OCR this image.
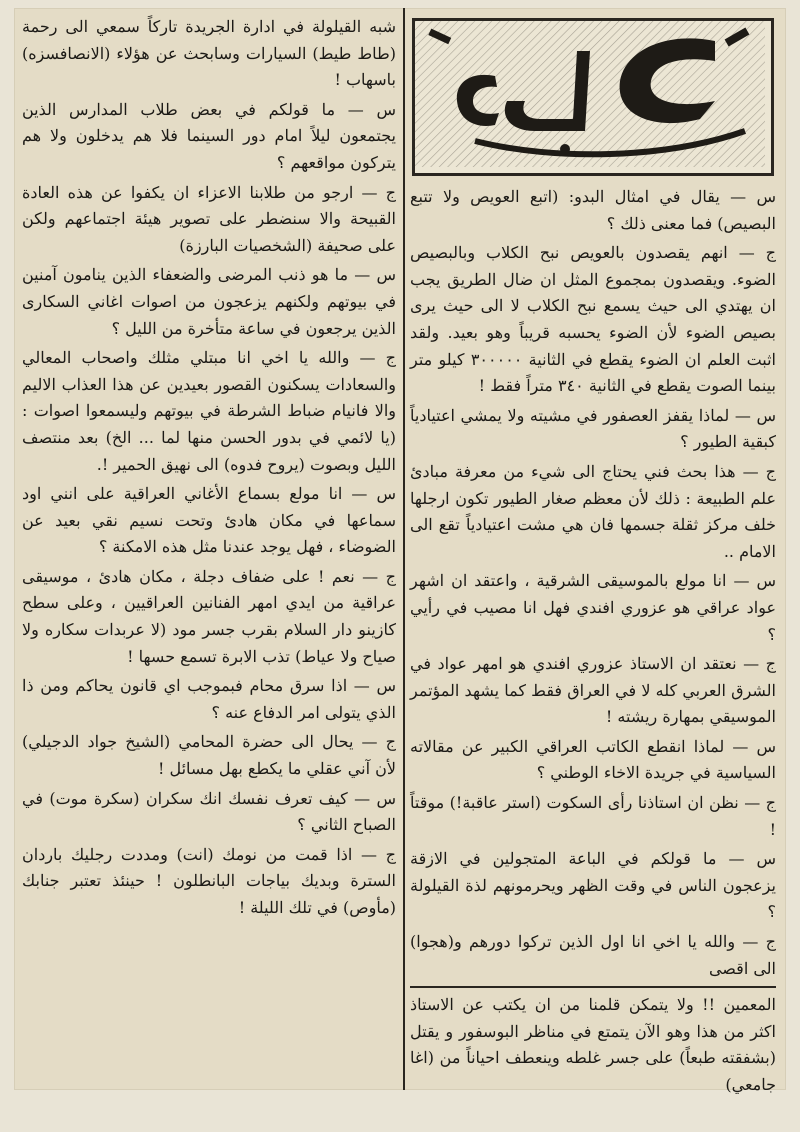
س — يقال في امثال البدو: (اتبع العويص ولا تتبع البصيص) فما معنى ذلك ؟

ج — انهم يقصدون بالعويص نبح الكلاب وبالبصيص الضوء. ويقصدون بمجموع المثل ان ضال الطريق يجب ان يهتدي الى حيث يسمع نبح الكلاب لا الى حيث يرى بصيص الضوء لأن الضوء يحسبه قريباً وهو بعيد. ولقد اثبت العلم ان الضوء يقطع في الثانية ٣٠٠٠٠٠ كيلو متر بينما الصوت يقطع في الثانية ٣٤٠ متراً فقط !

س — لماذا يقفز العصفور في مشيته ولا يمشي اعتيادياً كبقية الطيور ؟

ج — هذا بحث فني يحتاج الى شيء من معرفة مبادئ علم الطبيعة : ذلك لأن معظم صغار الطيور تكون ارجلها خلف مركز ثقلة جسمها فان هي مشت اعتيادياً تقع الى الامام ..

س — انا مولع بالموسيقى الشرقية ، واعتقد ان اشهر عواد عراقي هو عزوري افندي فهل انا مصيب في رأيي ؟

ج — نعتقد ان الاستاذ عزوري افندي هو امهر عواد في الشرق العربي كله لا في العراق فقط كما يشهد المؤتمر الموسيقي بمهارة ريشته !

س — لماذا انقطع الكاتب العراقي الكبير عن مقالاته السياسية في جريدة الاخاء الوطني ؟

ج — نظن ان استاذنا رأى السكوت (استر عاقبة!) موقتاً !

س — ما قولكم في الباعة المتجولين في الازقة يزعجون الناس في وقت الظهر ويحرمونهم لذة القيلولة ؟

ج — والله يا اخي انا اول الذين تركوا دورهم و(هجوا) الى اقصى

المعمين !! ولا يتمكن قلمنا من ان يكتب عن الاستاذ اكثر من هذا وهو الآن يتمتع في مناظر البوسفور و يقتل (بشفقته طبعاً) على جسر غلطه وينعطف احياناً من (اغا جامعي)

شبه القيلولة في ادارة الجريدة تاركاً سمعي الى رحمة (طاط طيط) السيارات وسابحث عن هؤلاء (الانصافسزه) باسهاب !

س — ما قولكم في بعض طلاب المدارس الذين يجتمعون ليلاً امام دور السينما فلا هم يدخلون ولا هم يتركون مواقعهم ؟

ج — ارجو من طلابنا الاعزاء ان يكفوا عن هذه العادة القبيحة والا سنضطر على تصوير هيئة اجتماعهم ولكن على صحيفة (الشخصيات البارزة)

س — ما هو ذنب المرضى والضعفاء الذين ينامون آمنين في بيوتهم ولكنهم يزعجون من اصوات اغاني السكارى الذين يرجعون في ساعة متأخرة من الليل ؟

ج — والله يا اخي انا مبتلي مثلك واصحاب المعالي والسعادات يسكنون القصور بعيدين عن هذا العذاب الاليم والا فانيام ضباط الشرطة في بيوتهم وليسمعوا اصوات : (يا لائمي في بدور الحسن منها لما ... الخ) بعد منتصف الليل وبصوت (يروح فدوه) الى نهيق الحمير !.

س — انا مولع بسماع الأغاني العراقية على انني اود سماعها في مكان هادئ وتحت نسيم نقي بعيد عن الضوضاء ، فهل يوجد عندنا مثل هذه الامكنة ؟

ج — نعم ! على ضفاف دجلة ، مكان هادئ ، موسيقى عراقية من ايدي امهر الفنانين العراقيين ، وعلى سطح كازينو دار السلام بقرب جسر مود (لا عربدات سكاره ولا صياح ولا عياط) تذب الابرة تسمع حسها !

س — اذا سرق محام فبموجب اي قانون يحاكم ومن ذا الذي يتولى امر الدفاع عنه ؟

ج — يحال الى حضرة المحامي (الشيخ جواد الدجيلي) لأن آني عقلي ما يكطع بهل مسائل !

س — كيف تعرف نفسك انك سكران (سكرة موت) في الصباح الثاني ؟

ج — اذا قمت من نومك (انت) ومددت رجليك باردان السترة وبديك بياجات البانطلون ! حينئذ تعتبر جنابك (مأوص) في تلك الليلة !
